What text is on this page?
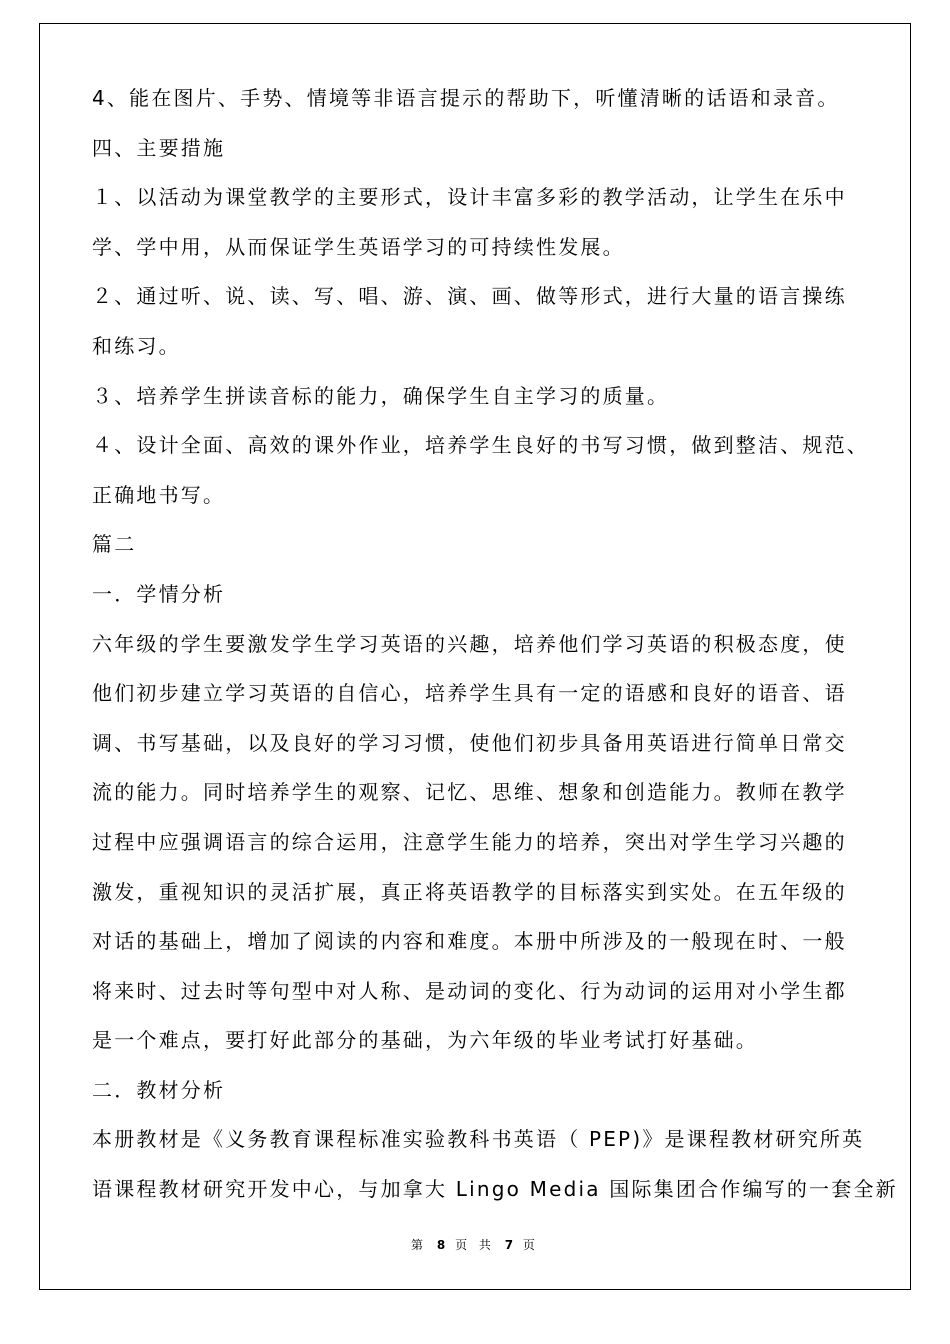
4、能在图片、手势、情境等非语言提示的帮助下，听懂清晰的话语和录音。
四、主要措施
１、以活动为课堂教学的主要形式，设计丰富多彩的教学活动，让学生在乐中
学、学中用，从而保证学生英语学习的可持续性发展。
２、通过听、说、读、写、唱、游、演、画、做等形式，进行大量的语言操练
和练习。
３、培养学生拼读音标的能力，确保学生自主学习的质量。
４、设计全面、高效的课外作业，培养学生良好的书写习惯，做到整洁、规范、
正确地书写。
篇二
一．学情分析
六年级的学生要激发学生学习英语的兴趣，培养他们学习英语的积极态度，使
他们初步建立学习英语的自信心，培养学生具有一定的语感和良好的语音、语
调、书写基础，以及良好的学习习惯，使他们初步具备用英语进行简单日常交
流的能力。同时培养学生的观察、记忆、思维、想象和创造能力。教师在教学
过程中应强调语言的综合运用，注意学生能力的培养，突出对学生学习兴趣的
激发，重视知识的灵活扩展，真正将英语教学的目标落实到实处。在五年级的
对话的基础上，增加了阅读的内容和难度。本册中所涉及的一般现在时、一般
将来时、过去时等句型中对人称、是动词的变化、行为动词的运用对小学生都
是一个难点，要打好此部分的基础，为六年级的毕业考试打好基础。
二．教材分析
本册教材是《义务教育课程标准实验教科书英语（ PEP)》是课程教材研究所英
语课程教材研究开发中心，与加拿大 Lingo Media 国际集团合作编写的一套全新
第 8 页 共 7 页
